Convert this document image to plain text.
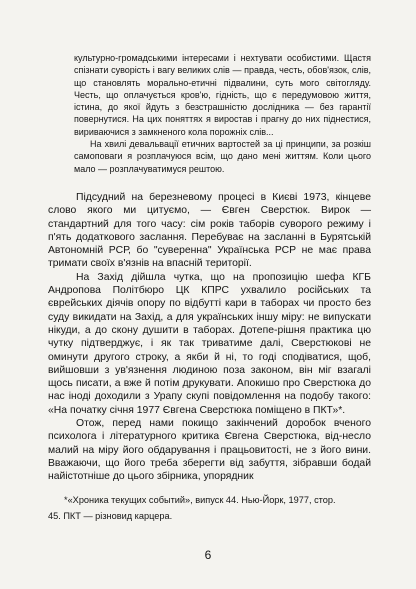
культурно-громадськими інтересами і нехтувати особистими. Щастя спізнати суворість і вагу великих слів — правда, честь, обов'язок, слів, що становлять морально-етичні підвалини, суть мого світогляду. Честь, що оплачується кров'ю, гідність, що є передумовою життя, істина, до якої йдуть з безстрашністю дослідника — без гарантії повернутися. На цих поняттях я виростав і прагну до них піднестися, вириваючися з замкненого кола порожніх слів...

На хвилі девальвації етичних вартостей за ці принципи, за розкіш самоповаги я розплачуюся всім, що дано мені життям. Коли цього мало — розплачуватимуся рештою.

Підсудний на березневому процесі в Києві 1973, кінцеве слово якого ми цитуємо, — Євген Сверстюк. Вирок — стандартний для того часу: сім років таборів суворого режиму і п'ять додаткового заслання. Перебуває на засланні в Бурятській Автономній РСР, бо "суверенна" Українська РСР не має права тримати своїх в'язнів на впасній території.

На Захід дійшла чутка, що на пропозицію шефа КГБ Андропова Політбюро ЦК КПРС ухвалило російських та єврейських діячів опору по відбутті кари в таборах чи просто без суду викидати на Захід, а для українських іншу міру: не випускати нікуди, а до скону душити в таборах. Дотепе-рішня практика цю чутку підтверджує, і як так триватиме далі, Сверстюкові не оминути другого строку, а якби й ні, то годі сподіватися, щоб, вийшовши з ув'язнення людиною поза законом, він міг взагалі щось писати, а вже й потім друкувати. Апокишо про Сверстюка до нас іноді доходили з Урапу скупі повідомлення на подобу такого: «На початку січня 1977 Євгена Сверстюка поміщено в ПКТ»*.

Отож, перед нами покищо закінчений доробок вченого психолога і літературного критика Євгена Сверстюка, від-несло малий на міру його обдарування і працьовитості, не з його вини. Вважаючи, що його треба зберегти від забуття, зібравши бодай найістотніше до цього збірника, упорядник

*«Хроника текущих событий», випуск 44. Нью-Йорк, 1977, стор.

45. ПКТ — різновид карцера.
6
